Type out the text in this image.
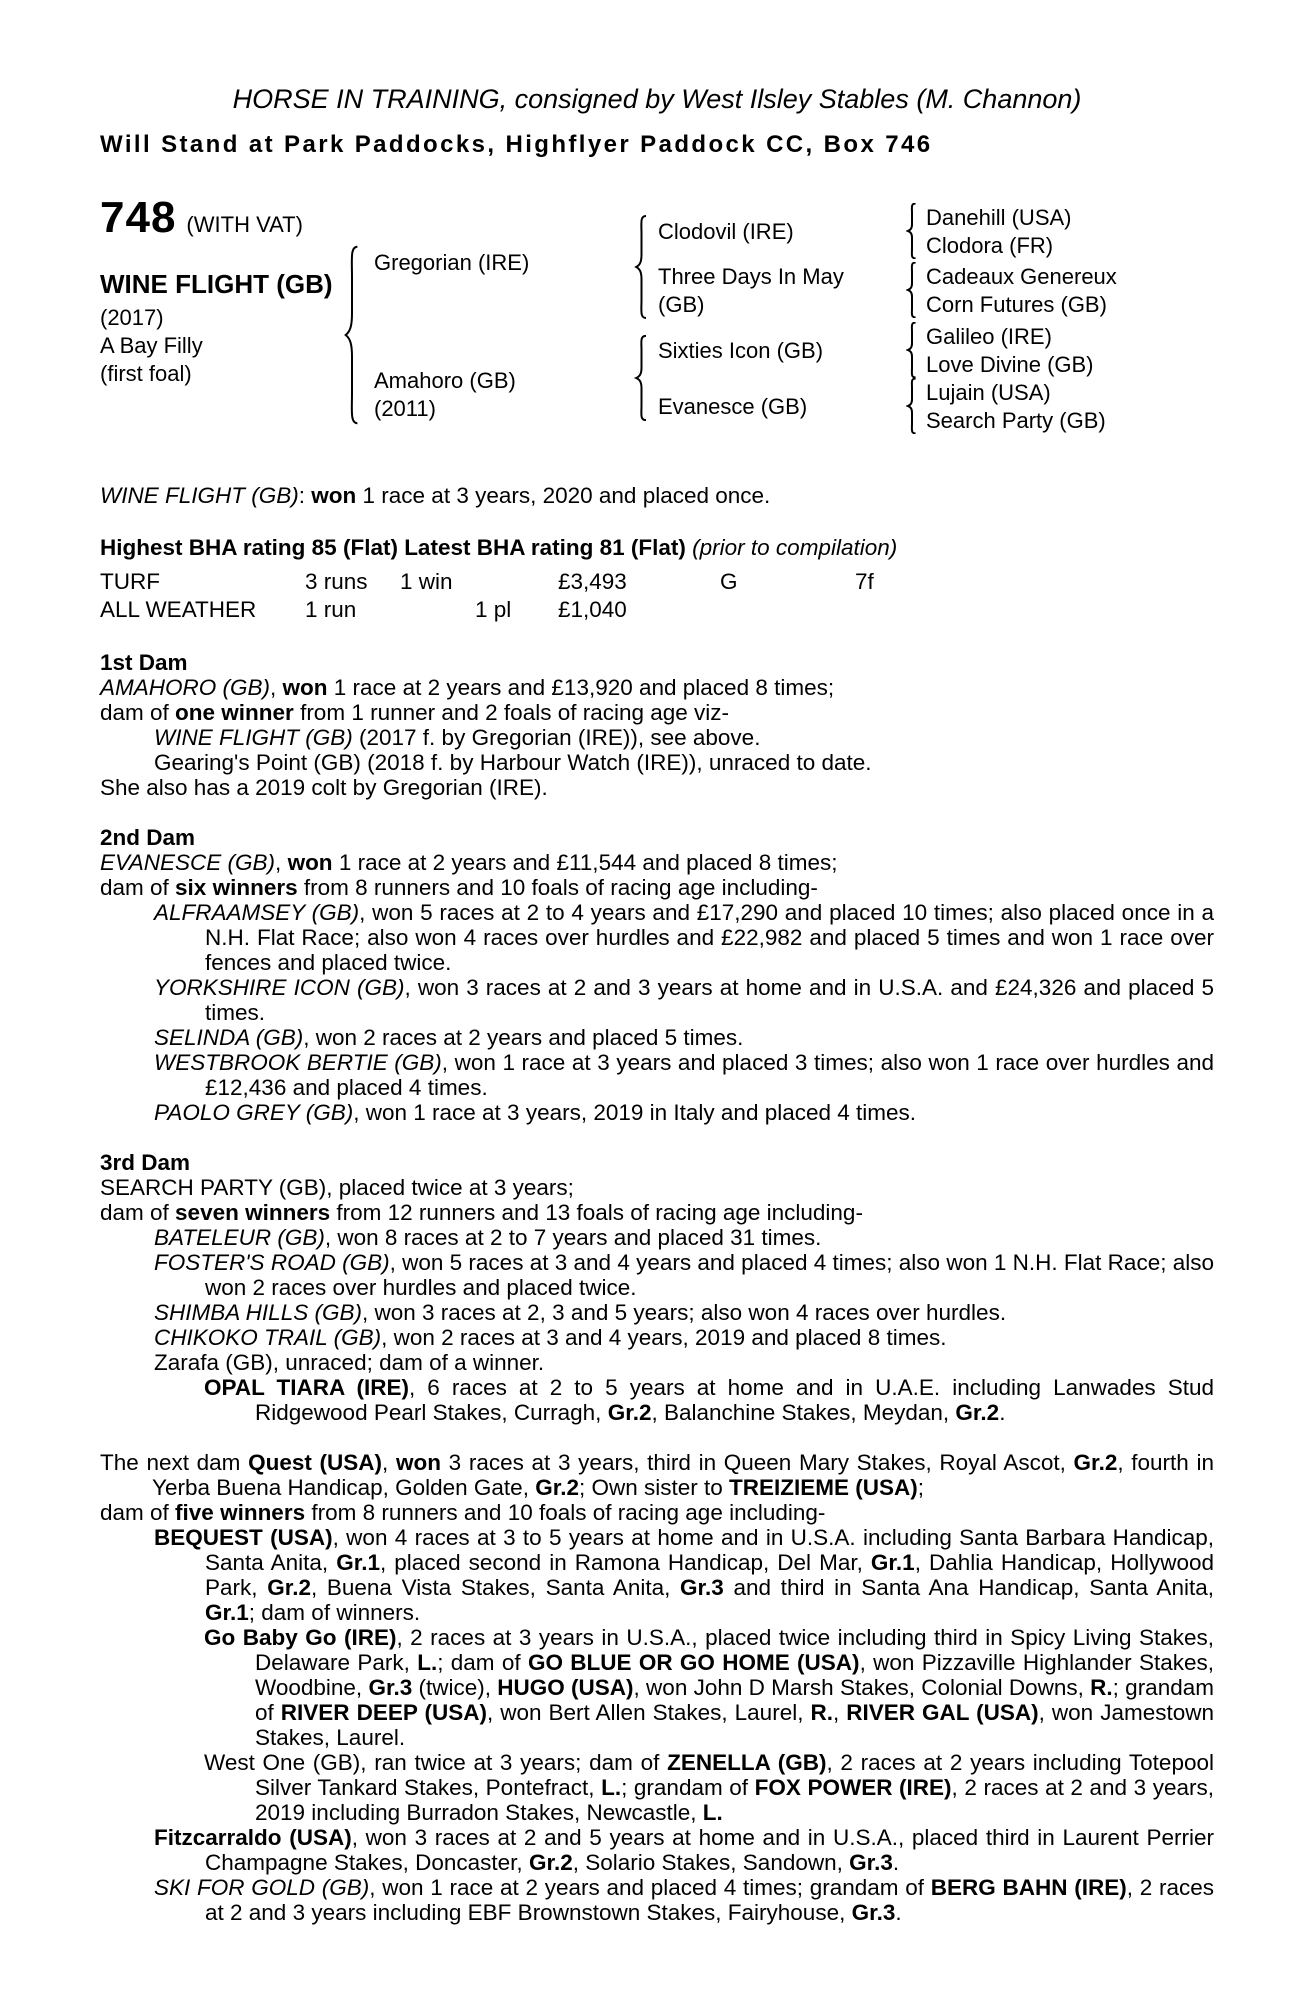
HORSE IN TRAINING, consigned by West Ilsley Stables (M. Channon)
Will Stand at Park Paddocks, Highflyer Paddock CC, Box 746
748 (WITH VAT)
WINE FLIGHT (GB)
(2017)
A Bay Filly
(first foal)
Gregorian (IRE)
Amahoro (GB)
(2011)
Clodovil (IRE)
Three Days In May
(GB)
Sixties Icon (GB)
Evanesce (GB)
Danehill (USA)
Clodora (FR)
Cadeaux Genereux
Corn Futures (GB)
Galileo (IRE)
Love Divine (GB)
Lujain (USA)
Search Party (GB)
WINE FLIGHT (GB): won 1 race at 3 years, 2020 and placed once.
Highest BHA rating 85 (Flat) Latest BHA rating 81 (Flat) (prior to compilation)
TURF	3 runs 1 win	£3,493	G	7f
ALL WEATHER 1 run	1 pl £1,040

1st Dam

AMAHORO (GB), won 1 race at 2 years and £13,920 and placed 8 times;

dam of one winner from 1 runner and 2 foals of racing age viz-

WINE FLIGHT (GB) (2017 f. by Gregorian (IRE)), see above.

Gearing's Point (GB) (2018 f. by Harbour Watch (IRE)), unraced to date.

She also has a 2019 colt by Gregorian (IRE).

2nd Dam

EVANESCE (GB), won 1 race at 2 years and £11,544 and placed 8 times;

dam of six winners from 8 runners and 10 foals of racing age including-

ALFRAAMSEY (GB), won 5 races at 2 to 4 years and £17,290 and placed 10 times; also placed once in a N.H. Flat Race; also won 4 races over hurdles and £22,982 and placed 5 times and won 1 race over fences and placed twice.

YORKSHIRE ICON (GB), won 3 races at 2 and 3 years at home and in U.S.A. and £24,326 and placed 5 times.

SELINDA (GB), won 2 races at 2 years and placed 5 times.

WESTBROOK BERTIE (GB), won 1 race at 3 years and placed 3 times; also won 1 race over hurdles and £12,436 and placed 4 times.

PAOLO GREY (GB), won 1 race at 3 years, 2019 in Italy and placed 4 times.

3rd Dam

SEARCH PARTY (GB), placed twice at 3 years;

dam of seven winners from 12 runners and 13 foals of racing age including-

BATELEUR (GB), won 8 races at 2 to 7 years and placed 31 times.

FOSTER'S ROAD (GB), won 5 races at 3 and 4 years and placed 4 times; also won 1 N.H. Flat Race; also won 2 races over hurdles and placed twice.

SHIMBA HILLS (GB), won 3 races at 2, 3 and 5 years; also won 4 races over hurdles.

CHIKOKO TRAIL (GB), won 2 races at 3 and 4 years, 2019 and placed 8 times.

Zarafa (GB), unraced; dam of a winner.

OPAL TIARA (IRE), 6 races at 2 to 5 years at home and in U.A.E. including Lanwades Stud Ridgewood Pearl Stakes, Curragh, Gr.2, Balanchine Stakes, Meydan, Gr.2.

The next dam Quest (USA), won 3 races at 3 years, third in Queen Mary Stakes, Royal Ascot, Gr.2, fourth in Yerba Buena Handicap, Golden Gate, Gr.2; Own sister to TREIZIEME (USA);

dam of five winners from 8 runners and 10 foals of racing age including-

BEQUEST (USA), won 4 races at 3 to 5 years at home and in U.S.A. including Santa Barbara Handicap, Santa Anita, Gr.1, placed second in Ramona Handicap, Del Mar, Gr.1, Dahlia Handicap, Hollywood Park, Gr.2, Buena Vista Stakes, Santa Anita, Gr.3 and third in Santa Ana Handicap, Santa Anita, Gr.1; dam of winners.

Go Baby Go (IRE), 2 races at 3 years in U.S.A., placed twice including third in Spicy Living Stakes, Delaware Park, L.; dam of GO BLUE OR GO HOME (USA), won Pizzaville Highlander Stakes, Woodbine, Gr.3 (twice), HUGO (USA), won John D Marsh Stakes, Colonial Downs, R.; grandam of RIVER DEEP (USA), won Bert Allen Stakes, Laurel, R., RIVER GAL (USA), won Jamestown Stakes, Laurel.

West One (GB), ran twice at 3 years; dam of ZENELLA (GB), 2 races at 2 years including Totepool Silver Tankard Stakes, Pontefract, L.; grandam of FOX POWER (IRE), 2 races at 2 and 3 years, 2019 including Burradon Stakes, Newcastle, L.

Fitzcarraldo (USA), won 3 races at 2 and 5 years at home and in U.S.A., placed third in Laurent Perrier Champagne Stakes, Doncaster, Gr.2, Solario Stakes, Sandown, Gr.3.

SKI FOR GOLD (GB), won 1 race at 2 years and placed 4 times; grandam of BERG BAHN (IRE), 2 races at 2 and 3 years including EBF Brownstown Stakes, Fairyhouse, Gr.3.
